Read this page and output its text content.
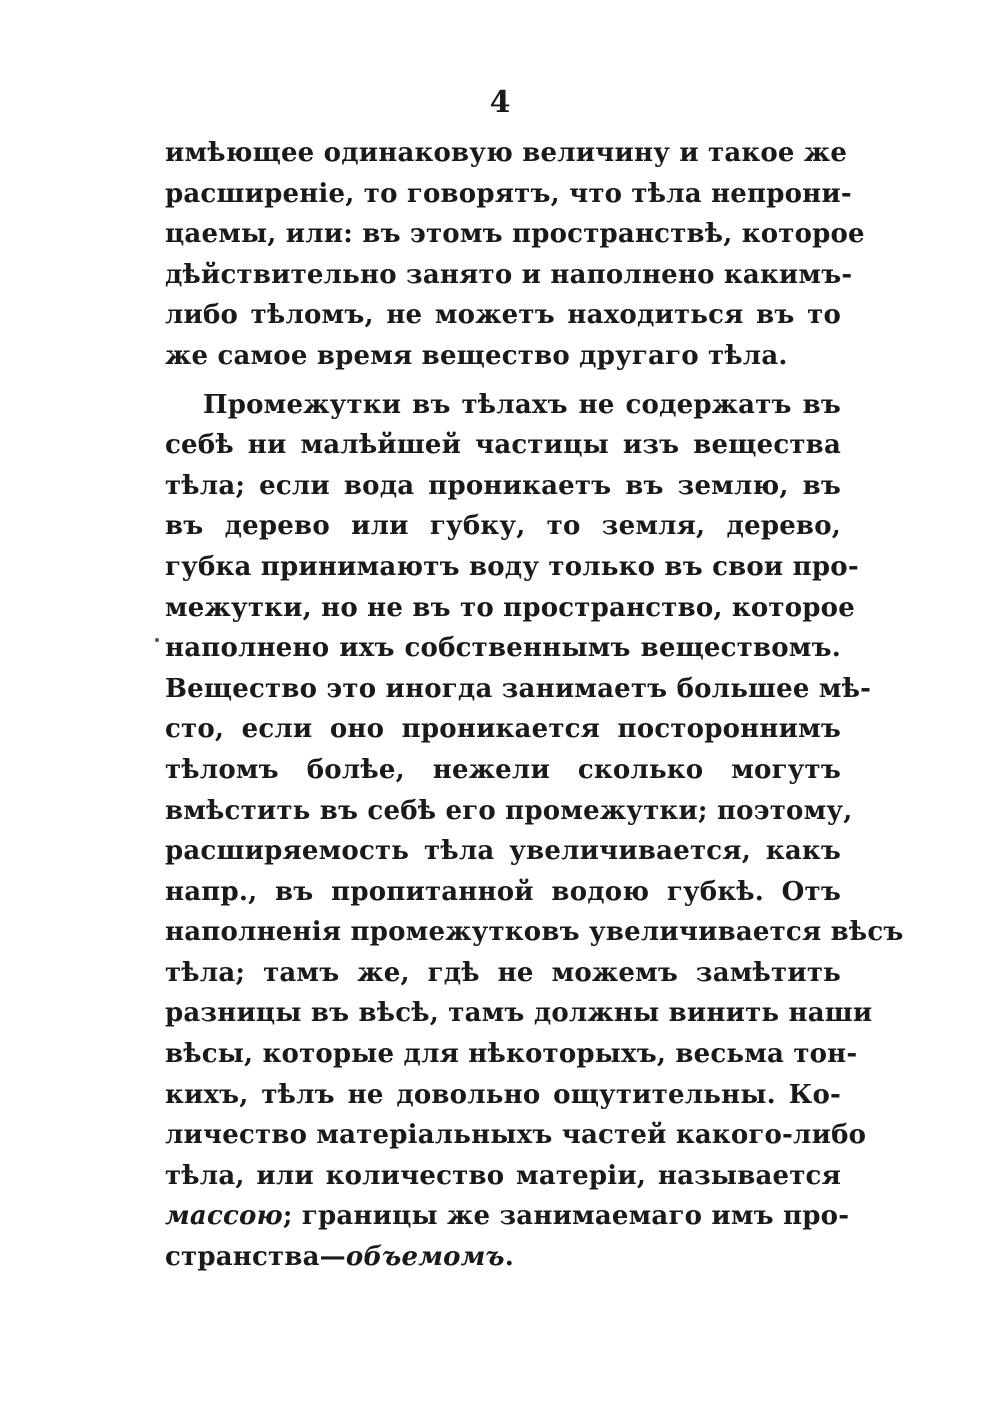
4
имѣющее одинаковую величину и такое же
расширеніе, то говорятъ, что тѣла непрони-
цаемы, или: въ этомъ пространствѣ, которое
дѣйствительно занято и наполнено какимъ-
либо тѣломъ, не можетъ находиться въ то
же самое время вещество другаго тѣла.
Промежутки въ тѣлахъ не содержатъ въ
себѣ ни малѣйшей частицы изъ вещества
тѣла; если вода проникаетъ въ землю, въ
въ дерево или губку, то земля, дерево,
губка принимаютъ воду только въ свои про-
межутки, но не въ то пространство, которое
наполнено ихъ собственнымъ веществомъ.
Вещество это иногда занимаетъ большее мѣ-
сто, если оно проникается постороннимъ
тѣломъ болѣе, нежели сколько могутъ
вмѣстить въ себѣ его промежутки; поэтому,
расширяемость тѣла увеличивается, какъ
напр., въ пропитанной водою губкѣ. Отъ
наполненія промежутковъ увеличивается вѣсъ
тѣла; тамъ же, гдѣ не можемъ замѣтить
разницы въ вѣсѣ, тамъ должны винить наши
вѣсы, которые для нѣкоторыхъ, весьма тон-
кихъ, тѣлъ не довольно ощутительны. Ко-
личество матеріальныхъ частей какого-либо
тѣла, или количество матеріи, называется
массою; границы же занимаемаго имъ про-
странства—объемомъ.
